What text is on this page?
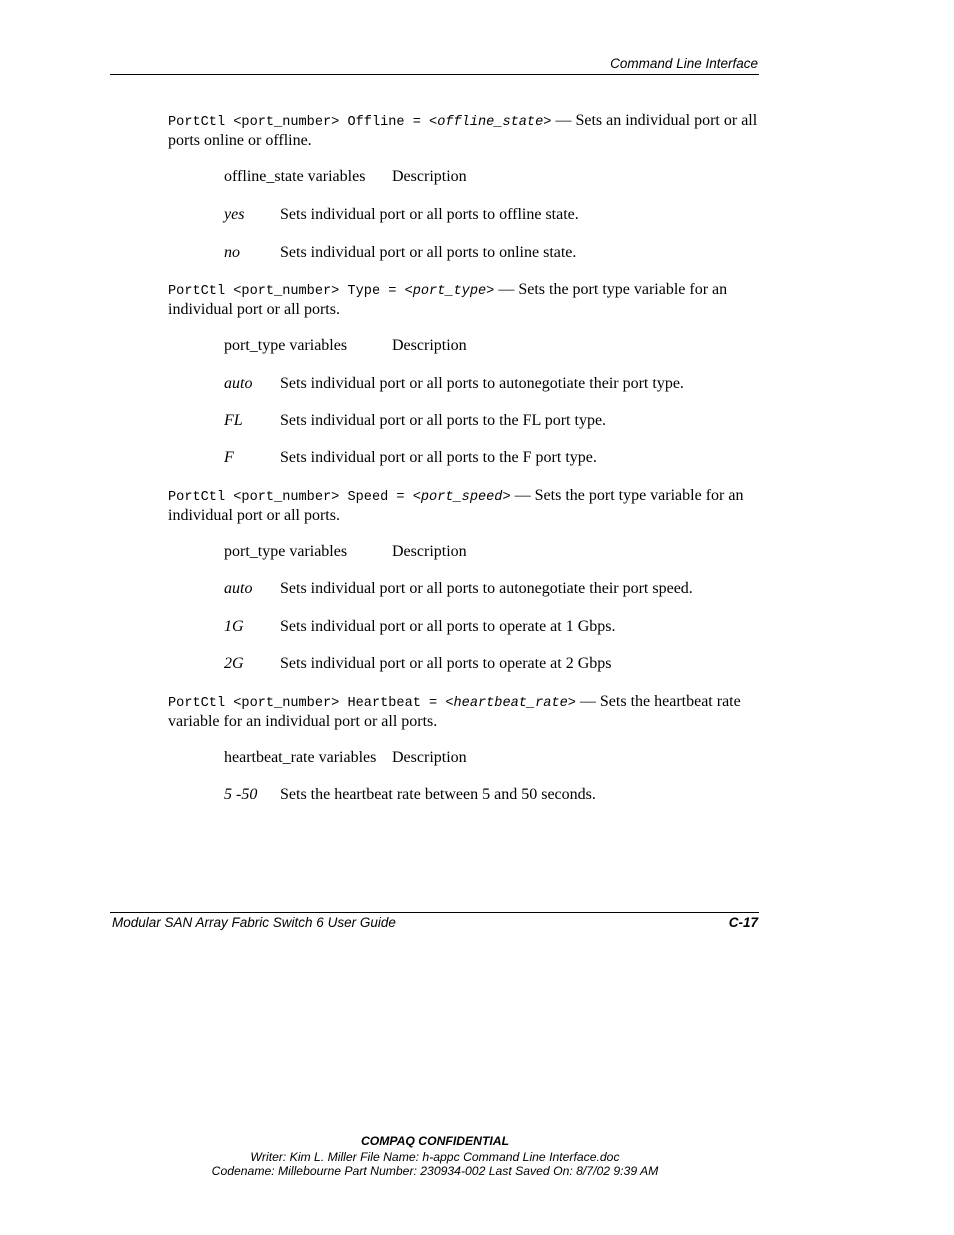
Command Line Interface
PortCtl <port_number> Offline = <offline_state> — Sets an individual port or all ports online or offline.
offline_state variables Description
yes Sets individual port or all ports to offline state.
no	Sets individual port or all ports to online state.
PortCtl <port_number> Type = <port_type> — Sets the port type variable for an individual port or all ports.
port_type variables	Description
auto Sets individual port or all ports to autonegotiate their port type.
FL Sets individual port or all ports to the FL port type.
F	Sets individual port or all ports to the F port type.
PortCtl <port_number> Speed = <port_speed> — Sets the port type variable for an individual port or all ports.
port_type variables	Description
auto Sets individual port or all ports to autonegotiate their port speed.
1G Sets individual port or all ports to operate at 1 Gbps.
2G Sets individual port or all ports to operate at 2 Gbps
PortCtl <port_number> Heartbeat = <heartbeat_rate> — Sets the heartbeat rate variable for an individual port or all ports.
heartbeat_rate variables Description
5 -50 Sets the heartbeat rate between 5 and 50 seconds.
Modular SAN Array Fabric Switch 6 User Guide	C-17
COMPAQ CONFIDENTIAL
Writer: Kim L. Miller File Name: h-appc Command Line Interface.doc
Codename: Millebourne Part Number: 230934-002 Last Saved On: 8/7/02 9:39 AM
